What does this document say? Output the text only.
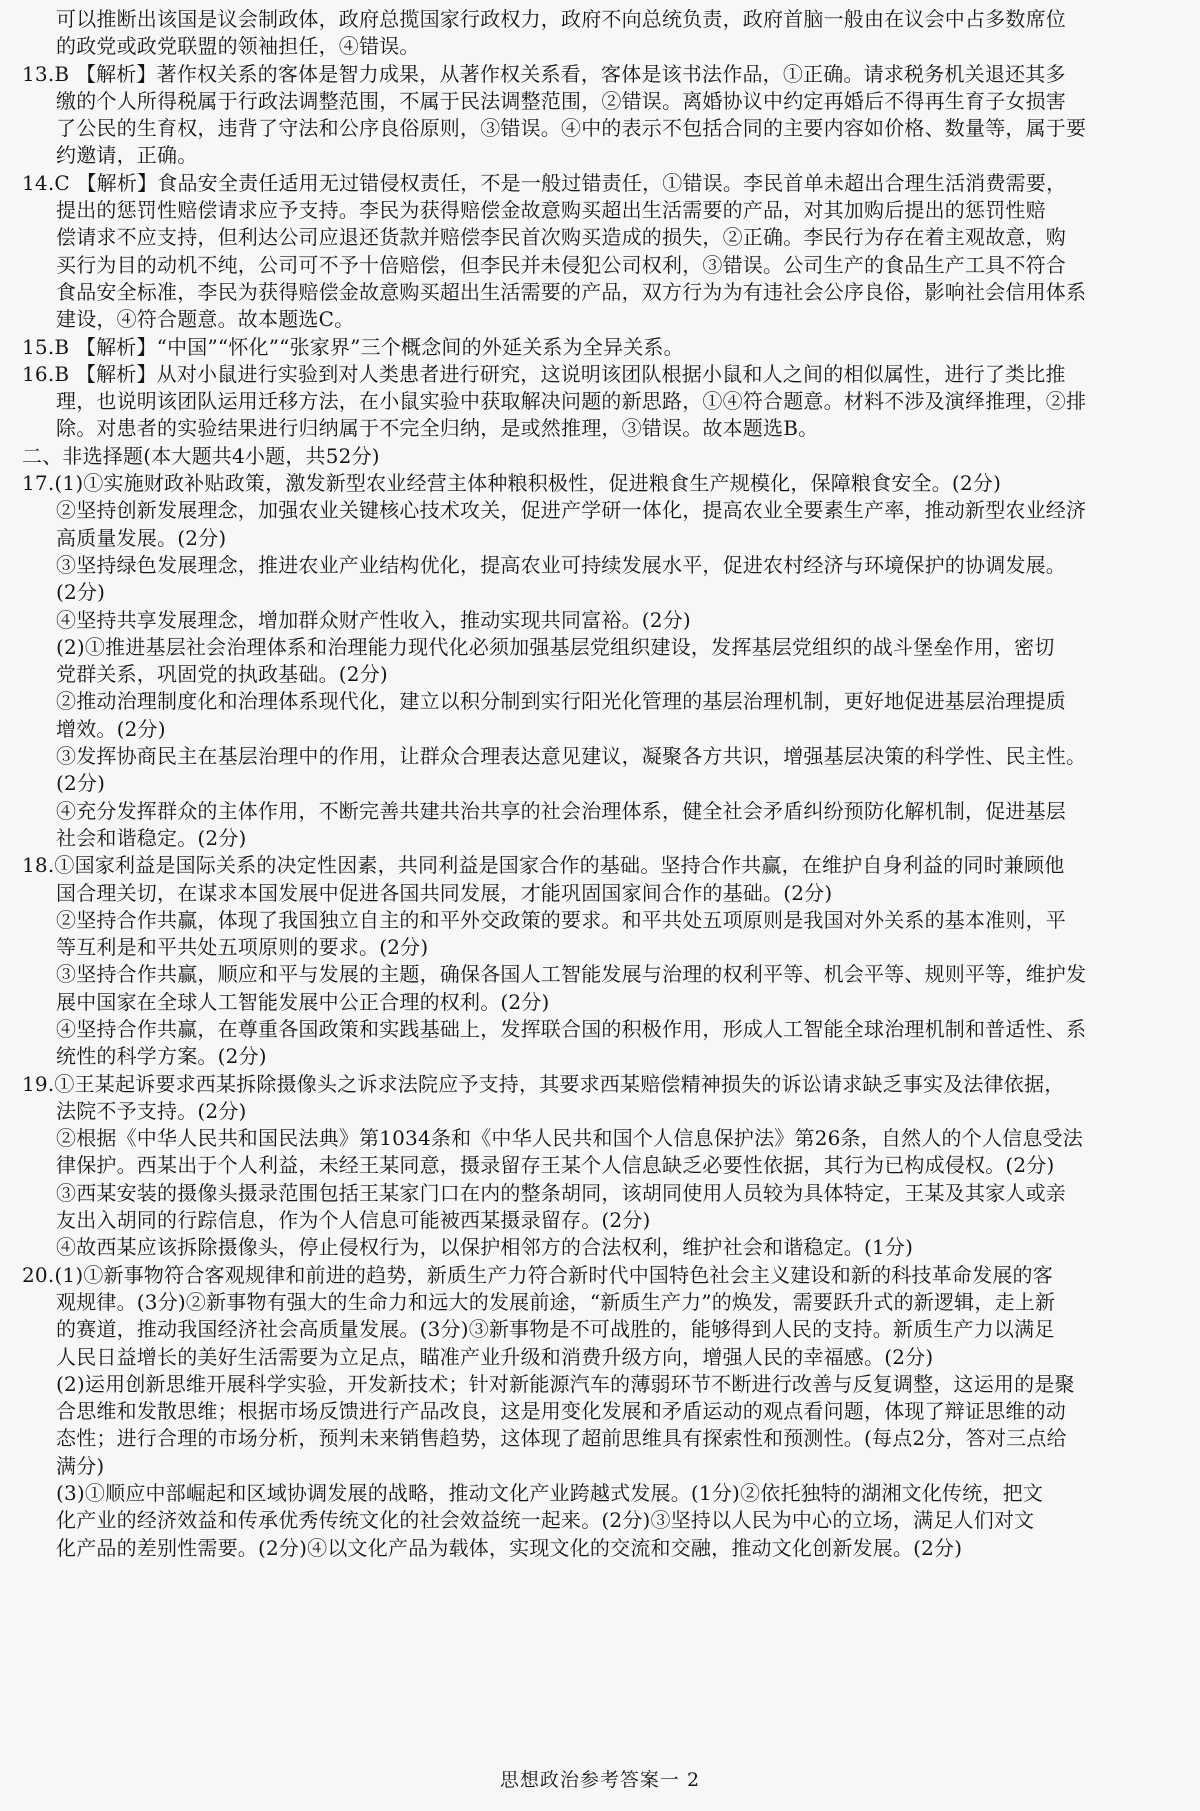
可以推断出该国是议会制政体，政府总揽国家行政权力，政府不向总统负责，政府首脑一般由在议会中占多数席位
的政党或政党联盟的领袖担任，④错误。
13.B 【解析】著作权关系的客体是智力成果，从著作权关系看，客体是该书法作品，①正确。请求税务机关退还其多
缴的个人所得税属于行政法调整范围，不属于民法调整范围，②错误。离婚协议中约定再婚后不得再生育子女损害
了公民的生育权，违背了守法和公序良俗原则，③错误。④中的表示不包括合同的主要内容如价格、数量等，属于要
约邀请，正确。
14.C 【解析】食品安全责任适用无过错侵权责任，不是一般过错责任，①错误。李民首单未超出合理生活消费需要，
提出的惩罚性赔偿请求应予支持。李民为获得赔偿金故意购买超出生活需要的产品，对其加购后提出的惩罚性赔
偿请求不应支持，但利达公司应退还货款并赔偿李民首次购买造成的损失，②正确。李民行为存在着主观故意，购
买行为目的动机不纯，公司可不予十倍赔偿，但李民并未侵犯公司权利，③错误。公司生产的食品生产工具不符合
食品安全标准，李民为获得赔偿金故意购买超出生活需要的产品，双方行为为有违社会公序良俗，影响社会信用体系
建设，④符合题意。故本题选C。
15.B 【解析】“中国”“怀化”“张家界”三个概念间的外延关系为全异关系。
16.B 【解析】从对小鼠进行实验到对人类患者进行研究，这说明该团队根据小鼠和人之间的相似属性，进行了类比推
理，也说明该团队运用迁移方法，在小鼠实验中获取解决问题的新思路，①④符合题意。材料不涉及演绎推理，②排
除。对患者的实验结果进行归纳属于不完全归纳，是或然推理，③错误。故本题选B。
二、非选择题(本大题共4小题，共52分)
17.(1)①实施财政补贴政策，激发新型农业经营主体种粮积极性，促进粮食生产规模化，保障粮食安全。(2分)
②坚持创新发展理念，加强农业关键核心技术攻关，促进产学研一体化，提高农业全要素生产率，推动新型农业经济
高质量发展。(2分)
③坚持绿色发展理念，推进农业产业结构优化，提高农业可持续发展水平，促进农村经济与环境保护的协调发展。
(2分)
④坚持共享发展理念，增加群众财产性收入，推动实现共同富裕。(2分)
(2)①推进基层社会治理体系和治理能力现代化必须加强基层党组织建设，发挥基层党组织的战斗堡垒作用，密切
党群关系，巩固党的执政基础。(2分)
②推动治理制度化和治理体系现代化，建立以积分制到实行阳光化管理的基层治理机制，更好地促进基层治理提质
增效。(2分)
③发挥协商民主在基层治理中的作用，让群众合理表达意见建议，凝聚各方共识，增强基层决策的科学性、民主性。
(2分)
④充分发挥群众的主体作用，不断完善共建共治共享的社会治理体系，健全社会矛盾纠纷预防化解机制，促进基层
社会和谐稳定。(2分)
18.①国家利益是国际关系的决定性因素，共同利益是国家合作的基础。坚持合作共赢，在维护自身利益的同时兼顾他
国合理关切，在谋求本国发展中促进各国共同发展，才能巩固国家间合作的基础。(2分)
②坚持合作共赢，体现了我国独立自主的和平外交政策的要求。和平共处五项原则是我国对外关系的基本准则，平
等互利是和平共处五项原则的要求。(2分)
③坚持合作共赢，顺应和平与发展的主题，确保各国人工智能发展与治理的权利平等、机会平等、规则平等，维护发
展中国家在全球人工智能发展中公正合理的权利。(2分)
④坚持合作共赢，在尊重各国政策和实践基础上，发挥联合国的积极作用，形成人工智能全球治理机制和普适性、系
统性的科学方案。(2分)
19.①王某起诉要求西某拆除摄像头之诉求法院应予支持，其要求西某赔偿精神损失的诉讼请求缺乏事实及法律依据，
法院不予支持。(2分)
②根据《中华人民共和国民法典》第1034条和《中华人民共和国个人信息保护法》第26条，自然人的个人信息受法
律保护。西某出于个人利益，未经王某同意，摄录留存王某个人信息缺乏必要性依据，其行为已构成侵权。(2分)
③西某安装的摄像头摄录范围包括王某家门口在内的整条胡同，该胡同使用人员较为具体特定，王某及其家人或亲
友出入胡同的行踪信息，作为个人信息可能被西某摄录留存。(2分)
④故西某应该拆除摄像头，停止侵权行为，以保护相邻方的合法权利，维护社会和谐稳定。(1分)
20.(1)①新事物符合客观规律和前进的趋势，新质生产力符合新时代中国特色社会主义建设和新的科技革命发展的客
观规律。(3分)②新事物有强大的生命力和远大的发展前途，“新质生产力”的焕发，需要跃升式的新逻辑，走上新
的赛道，推动我国经济社会高质量发展。(3分)③新事物是不可战胜的，能够得到人民的支持。新质生产力以满足
人民日益增长的美好生活需要为立足点，瞄准产业升级和消费升级方向，增强人民的幸福感。(2分)
(2)运用创新思维开展科学实验，开发新技术；针对新能源汽车的薄弱环节不断进行改善与反复调整，这运用的是聚
合思维和发散思维；根据市场反馈进行产品改良，这是用变化发展和矛盾运动的观点看问题，体现了辩证思维的动
态性；进行合理的市场分析，预判未来销售趋势，这体现了超前思维具有探索性和预测性。(每点2分，答对三点给
满分)
(3)①顺应中部崛起和区域协调发展的战略，推动文化产业跨越式发展。(1分)②依托独特的湖湘文化传统，把文
化产业的经济效益和传承优秀传统文化的社会效益统一起来。(2分)③坚持以人民为中心的立场，满足人们对文
化产品的差别性需要。(2分)④以文化产品为载体，实现文化的交流和交融，推动文化创新发展。(2分)
思想政治参考答案一 2
